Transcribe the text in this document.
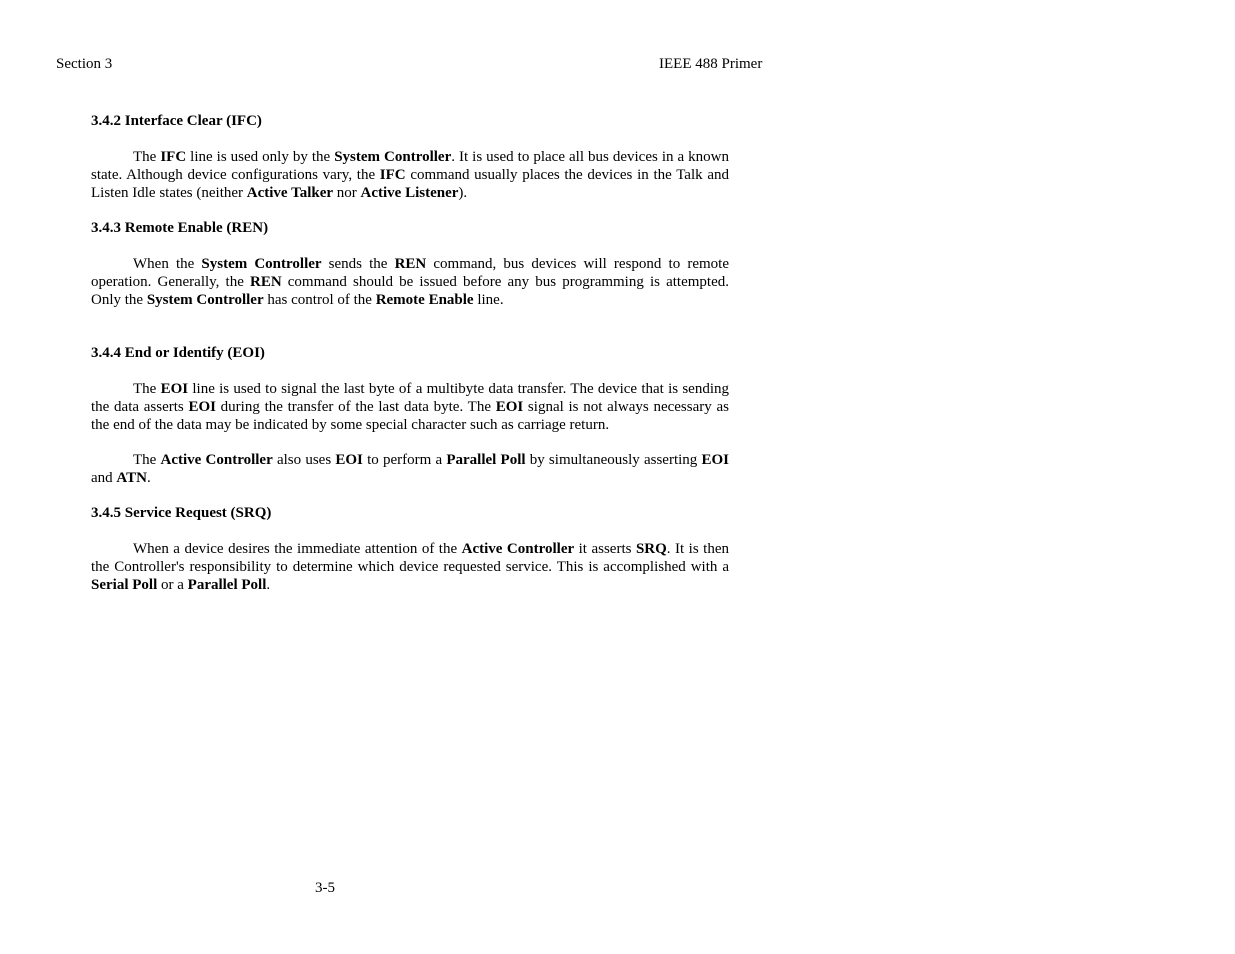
Section 3	IEEE 488 Primer
3.4.2 Interface Clear (IFC)

The IFC line is used only by the System Controller. It is used to place all bus devices in a known state. Although device configurations vary, the IFC command usually places the devices in the Talk and Listen Idle states (neither Active Talker nor Active Listener).

3.4.3 Remote Enable (REN)

When the System Controller sends the REN command, bus devices will respond to remote operation. Generally, the REN command should be issued before any bus programming is attempted. Only the System Controller has control of the Remote Enable line.

3.4.4 End or Identify (EOI)

The EOI line is used to signal the last byte of a multibyte data transfer. The device that is sending the data asserts EOI during the transfer of the last data byte. The EOI signal is not always necessary as the end of the data may be indicated by some special character such as carriage return.

The Active Controller also uses EOI to perform a Parallel Poll by simultaneously asserting EOI and ATN.

3.4.5 Service Request (SRQ)

When a device desires the immediate attention of the Active Controller it asserts SRQ. It is then the Controller's responsibility to determine which device requested service. This is accomplished with a Serial Poll or a Parallel Poll.

3-5
